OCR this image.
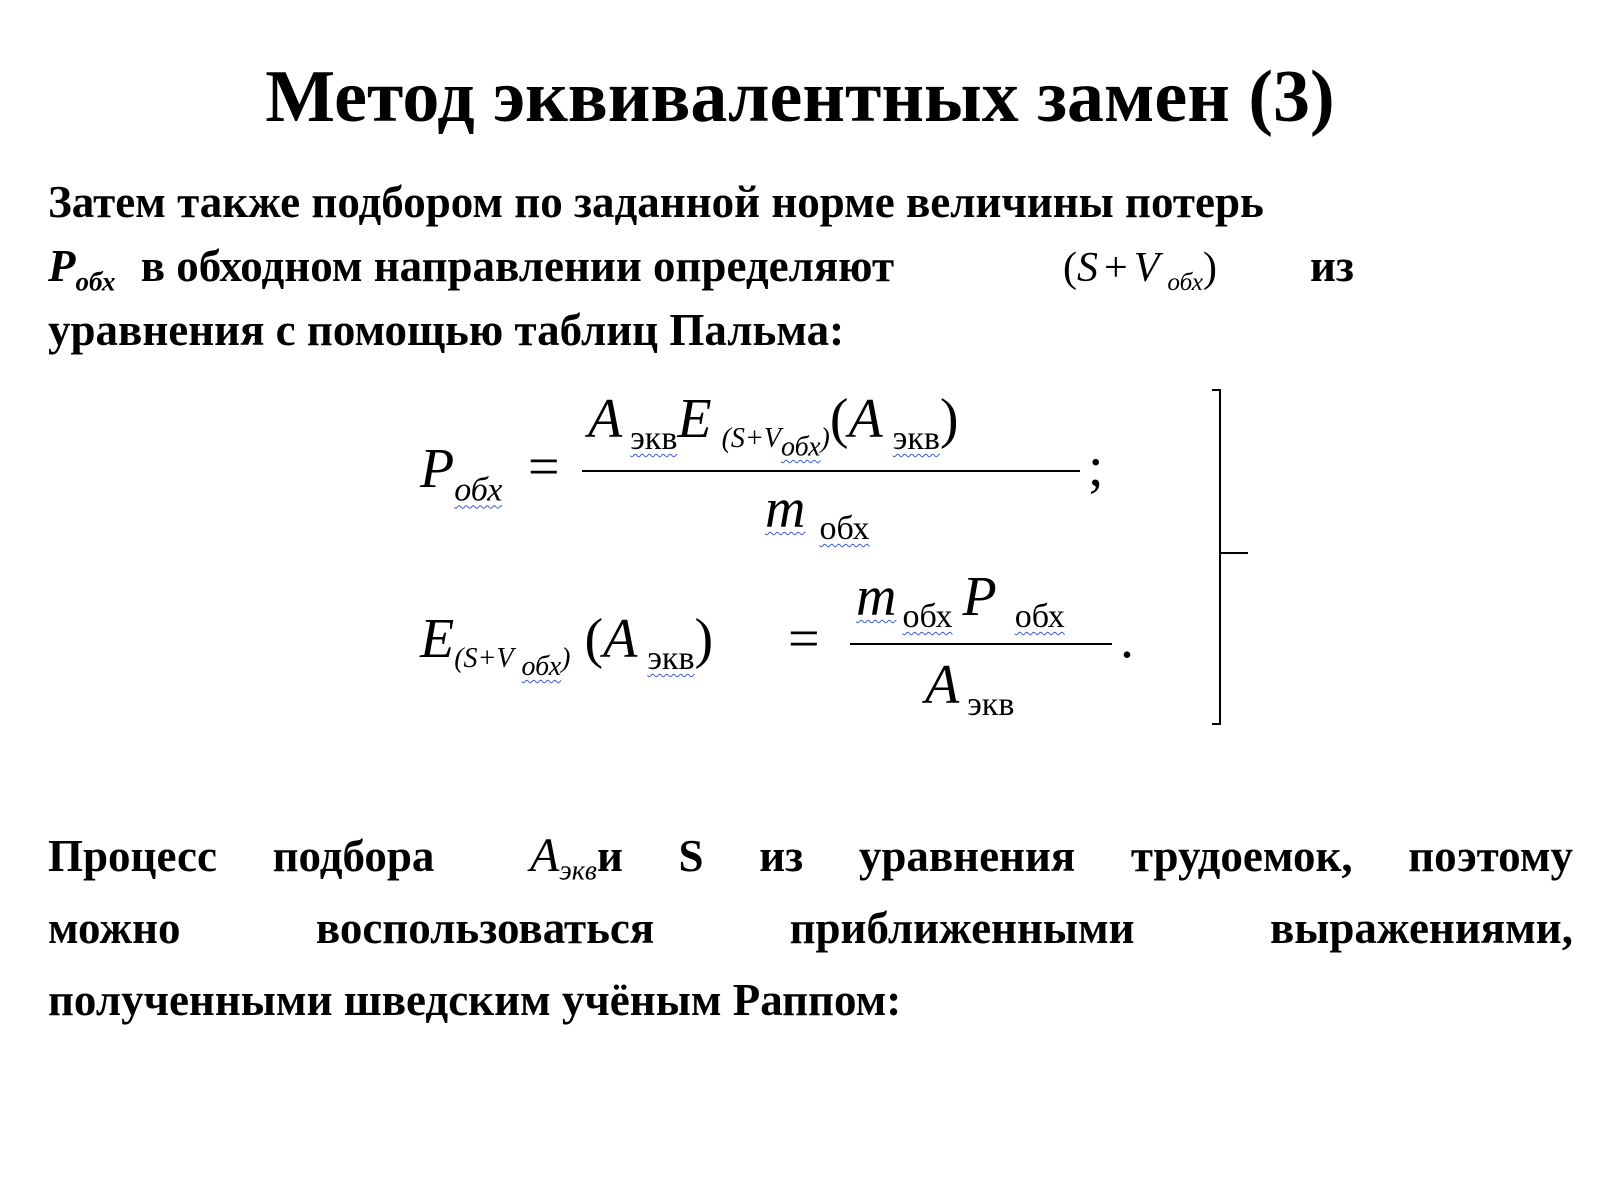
Метод эквивалентных замен (3)
Затем также подбором по заданной норме величины потерь
$P_{обх}$ в обходном направлении определяют	(S + V $_{обх}$) из
уравнения с помощью таблиц Пальма:
$P_{обх}$ =
AэквE (S+Vобх)(A экв)
mобх
;
E(S+V обх) (A экв) =
mобх P обх
Aэкв
.
Процесс подбора Aэкви S из уравнения трудоемок, поэтому
можно	воспользоваться	приближенными	выражениями,
полученными шведским учёным Раппом:
